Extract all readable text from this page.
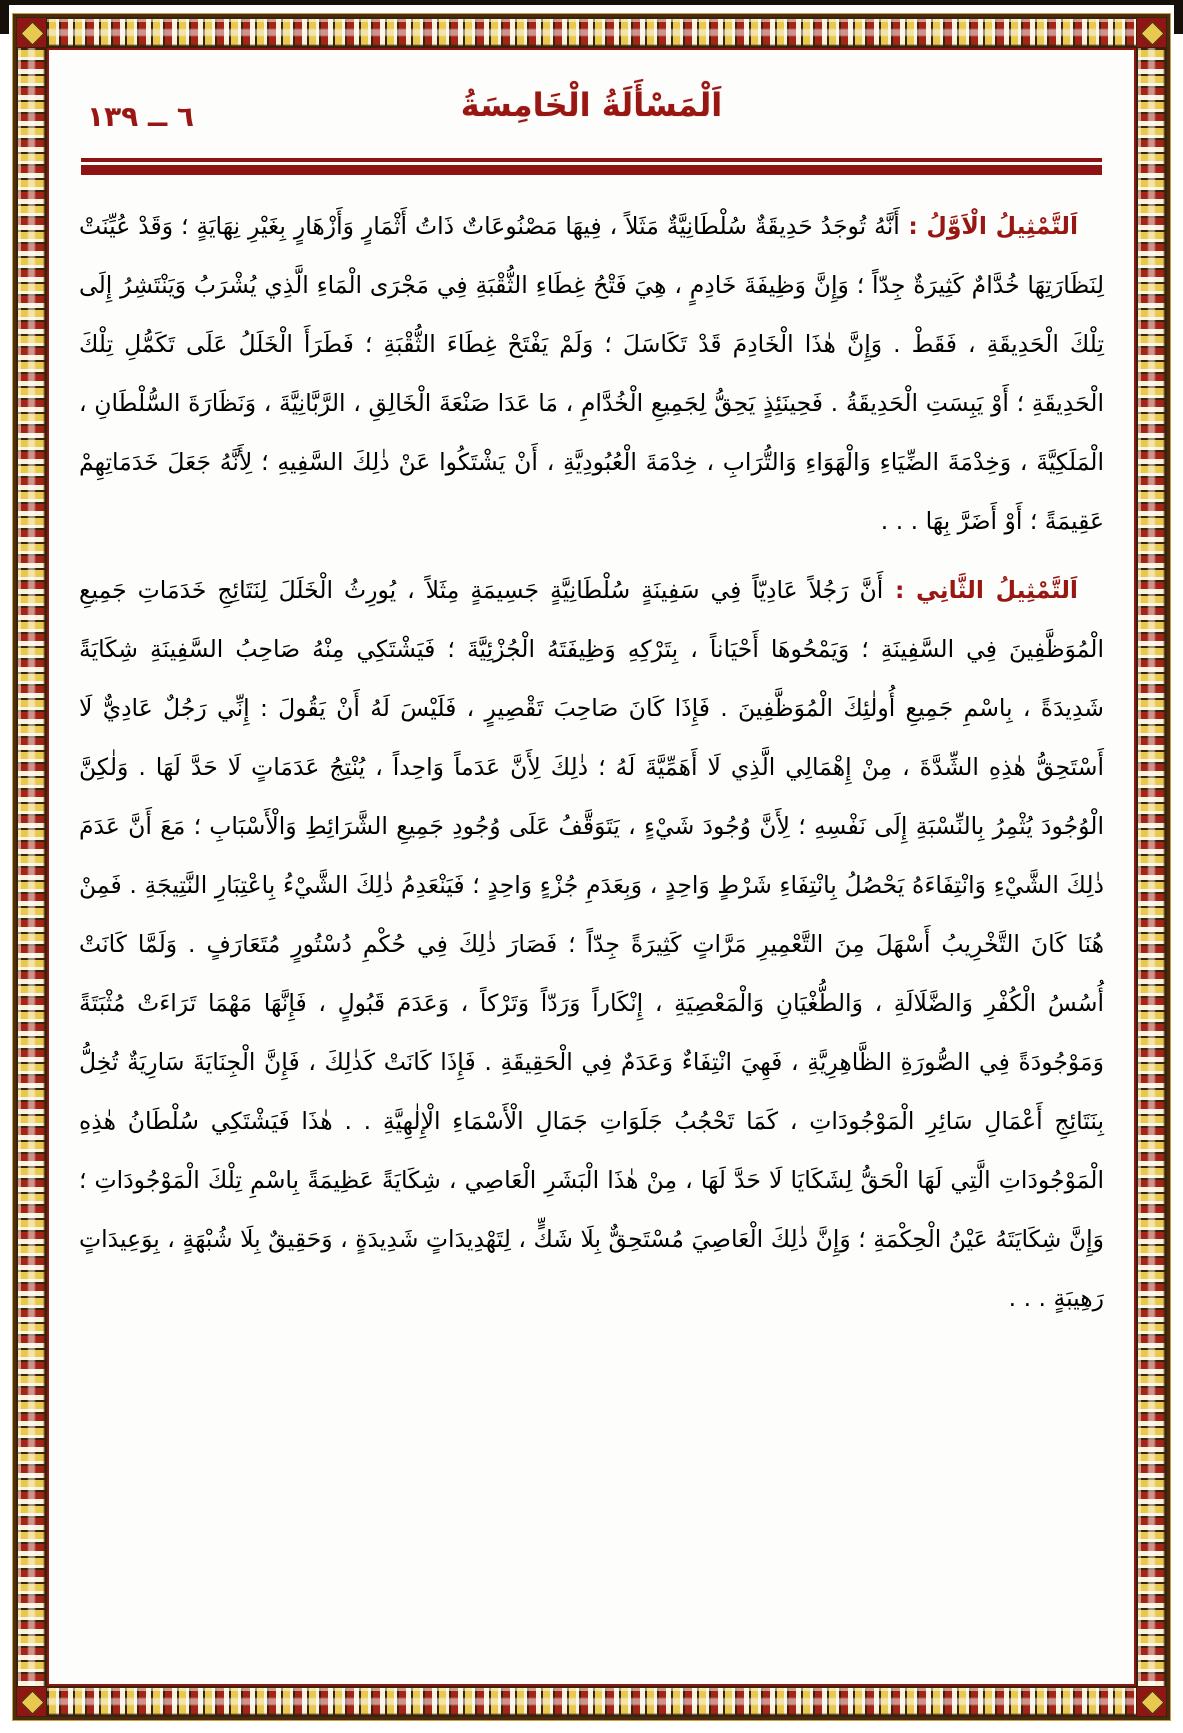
٦ ــ ١٣٩	اَلْمَسْأَلَةُ الْخَامِسَةُ

اَلتَّمْثِيلُ الْاَوَّلُ : أَنَّهُ تُوجَدُ حَدِيقَةٌ سُلْطَانِيَّةٌ مَثَلاً ، فِيهَا مَصْنُوعَاتٌ ذَاتُ أَثْمَارٍ وَأَزْهَارٍ بِغَيْرِ نِهَايَةٍ ؛ وَقَدْ عُيِّنَتْ لِنَظَارَتِهَا خُدَّامٌ كَثِيرَةٌ جِدّاً ؛ وَإِنَّ وَظِيفَةَ خَادِمٍ ، هِيَ فَتْحُ غِطَاءِ الثُّقْبَةِ فِي مَجْرَى الْمَاءِ الَّذِي يُشْرَبُ وَيَنْتَشِرُ إِلَى تِلْكَ الْحَدِيقَةِ ، فَقَطْ . وَإِنَّ هٰذَا الْخَادِمَ قَدْ تَكَاسَلَ ؛ وَلَمْ يَفْتَحْ غِطَاءَ الثُّقْبَةِ ؛ فَطَرَأَ الْخَلَلُ عَلَى تَكَمُّلِ تِلْكَ الْحَدِيقَةِ ؛ أَوْ يَبِسَتِ الْحَدِيقَةُ . فَحِينَئِذٍ يَحِقُّ لِجَمِيعِ الْخُدَّامِ ، مَا عَدَا صَنْعَةَ الْخَالِقِ ، الرَّبَّانِيَّةَ ، وَنَظَارَةَ السُّلْطَانِ ، الْمَلَكِيَّةَ ، وَخِدْمَةَ الضِّيَاءِ وَالْهَوَاءِ وَالتُّرَابِ ، خِدْمَةَ الْعُبُودِيَّةِ ، أَنْ يَشْتَكُوا عَنْ ذٰلِكَ السَّفِيهِ ؛ لِأَنَّهُ جَعَلَ خَدَمَاتِهِمْ عَقِيمَةً ؛ أَوْ أَضَرَّ بِهَا . . .

اَلتَّمْثِيلُ الثَّانِي : أَنَّ رَجُلاً عَادِيّاً فِي سَفِينَةٍ سُلْطَانِيَّةٍ جَسِيمَةٍ مِثَلاً ، يُورِثُ الْخَلَلَ لِنَتَائِجِ خَدَمَاتِ جَمِيعِ الْمُوَظَّفِينَ فِي السَّفِينَةِ ؛ وَيَمْحُوهَا أَحْيَاناً ، بِتَرْكِهِ وَظِيفَتَهُ الْجُزْئِيَّةَ ؛ فَيَشْتَكِي مِنْهُ صَاحِبُ السَّفِينَةِ شِكَايَةً شَدِيدَةً ، بِاسْمِ جَمِيعِ أُولٰئِكَ الْمُوَظَّفِينَ . فَإِذَا كَانَ صَاحِبَ تَقْصِيرٍ ، فَلَيْسَ لَهُ أَنْ يَقُولَ : إِنِّي رَجُلٌ عَادِيٌّ لَا أَسْتَحِقُّ هٰذِهِ الشِّدَّةَ ، مِنْ إِهْمَالِي الَّذِي لَا أَهَمِّيَّةَ لَهُ ؛ ذٰلِكَ لِأَنَّ عَدَماً وَاحِداً ، يُنْتِجُ عَدَمَاتٍ لَا حَدَّ لَهَا . وَلٰكِنَّ الْوُجُودَ يُثْمِرُ بِالنِّسْبَةِ إِلَى نَفْسِهِ ؛ لِأَنَّ وُجُودَ شَيْءٍ ، يَتَوَقَّفُ عَلَى وُجُودِ جَمِيعِ الشَّرَائِطِ وَالْأَسْبَابِ ؛ مَعَ أَنَّ عَدَمَ ذٰلِكَ الشَّيْءِ وَانْتِفَاءَهُ يَحْصُلُ بِانْتِفَاءِ شَرْطٍ وَاحِدٍ ، وَبِعَدَمِ جُزْءٍ وَاحِدٍ ؛ فَيَنْعَدِمُ ذٰلِكَ الشَّيْءُ بِاعْتِبَارِ النَّتِيجَةِ . فَمِنْ هُنَا كَانَ التَّخْرِيبُ أَسْهَلَ مِنَ التَّعْمِيرِ مَرَّاتٍ كَثِيرَةً جِدّاً ؛ فَصَارَ ذٰلِكَ فِي حُكْمِ دُسْتُورٍ مُتَعَارَفٍ . وَلَمَّا كَانَتْ أُسُسُ الْكُفْرِ وَالضَّلَالَةِ ، وَالطُّغْيَانِ وَالْمَعْصِيَةِ ، إِنْكَاراً وَرَدّاً وَتَرْكاً ، وَعَدَمَ قَبُولٍ ، فَإِنَّهَا مَهْمَا تَرَاءَتْ مُثْبَتَةً وَمَوْجُودَةً فِي الصُّورَةِ الظَّاهِرِيَّةِ ، فَهِيَ انْتِفَاءٌ وَعَدَمٌ فِي الْحَقِيقَةِ . فَإِذَا كَانَتْ كَذٰلِكَ ، فَإِنَّ الْجِنَايَةَ سَارِيَةٌ تُخِلُّ بِنَتَائِجِ أَعْمَالِ سَائِرِ الْمَوْجُودَاتِ ، كَمَا تَحْجُبُ جَلَوَاتِ جَمَالِ الْأَسْمَاءِ الْإِلٰهِيَّةِ . . هٰذَا فَيَشْتَكِي سُلْطَانُ هٰذِهِ الْمَوْجُودَاتِ الَّتِي لَهَا الْحَقُّ لِشَكَايَا لَا حَدَّ لَهَا ، مِنْ هٰذَا الْبَشَرِ الْعَاصِي ، شِكَايَةً عَظِيمَةً بِاسْمِ تِلْكَ الْمَوْجُودَاتِ ؛ وَإِنَّ شِكَايَتَهُ عَيْنُ الْحِكْمَةِ ؛ وَإِنَّ ذٰلِكَ الْعَاصِيَ مُسْتَحِقٌّ بِلَا شَكٍّ ، لِتَهْدِيدَاتٍ شَدِيدَةٍ ، وَحَقِيقٌ بِلَا شُبْهَةٍ ، بِوَعِيدَاتٍ رَهِيبَةٍ . . .
